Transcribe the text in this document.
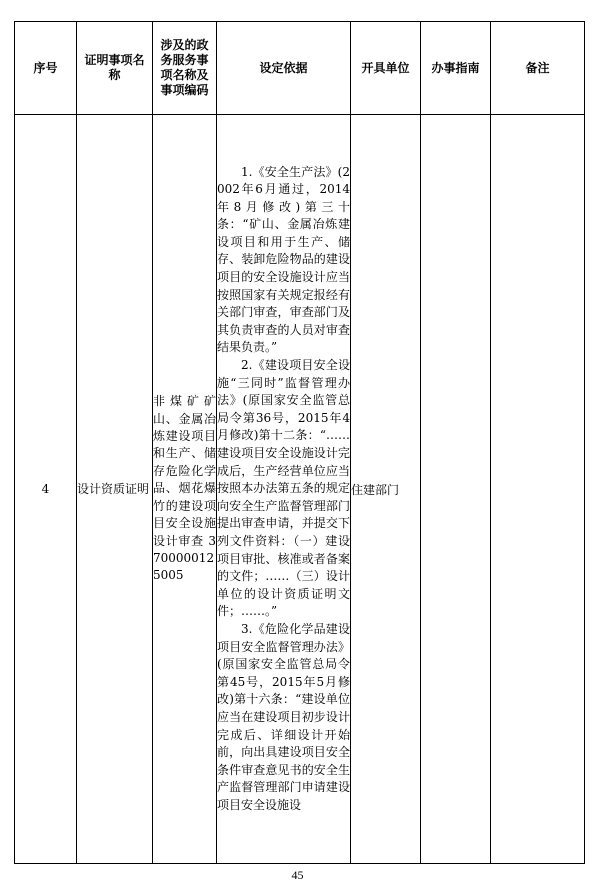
序号	证明事项名称	涉及的政务服务事项名称及事项编码	设定依据	开具单位	办事指南	备注
4	设计资质证明	非煤矿矿山、金属冶炼建设项目和生产、储存危险化学品、烟花爆竹的建设项目安全设施设计审查 3700000125005	1.《安全生产法》(2002年6月通过，2014年8月修改)第三十条：“矿山、金属冶炼建设项目和用于生产、储存、装卸危险物品的建设项目的安全设施设计应当按照国家有关规定报经有关部门审查，审查部门及其负责审查的人员对审查结果负责。”

2.《建设项目安全设施“三同时”监督管理办法》(原国家安全监管总局令第36号，2015年4月修改)第十二条：“……建设项目安全设施设计完成后，生产经营单位应当按照本办法第五条的规定向安全生产监督管理部门提出审查申请，并提交下列文件资料：（一）建设项目审批、核准或者备案的文件；……（三）设计单位的设计资质证明文件；……。”

3.《危险化学品建设项目安全监督管理办法》(原国家安全监管总局令第45号，2015年5月修改)第十六条：“建设单位应当在建设项目初步设计完成后、详细设计开始前，向出具建设项目安全条件审查意见书的安全生产监督管理部门申请建设项目安全设施设	住建部门		
45
